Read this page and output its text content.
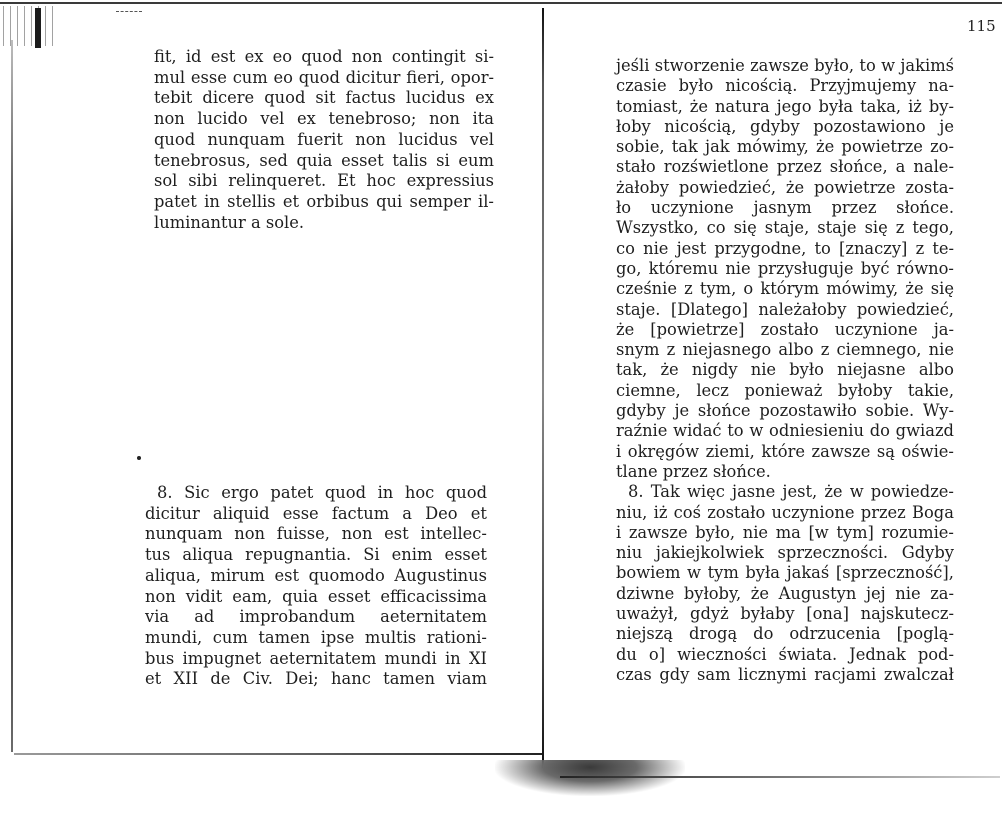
fit, id est ex eo quod non contingit si-
mul esse cum eo quod dicitur fieri, opor-
tebit dicere quod sit factus lucidus ex
non lucido vel ex tenebroso; non ita
quod nunquam fuerit non lucidus vel
tenebrosus, sed quia esset talis si eum
sol sibi relinqueret. Et hoc expressius
patet in stellis et orbibus qui semper il-
luminantur a sole.
8. Sic ergo patet quod in hoc quod
dicitur aliquid esse factum a Deo et
nunquam non fuisse, non est intellec-
tus aliqua repugnantia. Si enim esset
aliqua, mirum est quomodo Augustinus
non vidit eam, quia esset efficacissima
via ad improbandum aeternitatem
mundi, cum tamen ipse multis rationi-
bus impugnet aeternitatem mundi in XI
et XII de Civ. Dei; hanc tamen viam
115
jeśli stworzenie zawsze było, to w jakimś
czasie było nicością. Przyjmujemy na-
tomiast, że natura jego była taka, iż by-
łoby nicością, gdyby pozostawiono je
sobie, tak jak mówimy, że powietrze zo-
stało rozświetlone przez słońce, a nale-
żałoby powiedzieć, że powietrze zosta-
ło uczynione jasnym przez słońce.
Wszystko, co się staje, staje się z tego,
co nie jest przygodne, to [znaczy] z te-
go, któremu nie przysługuje być równo-
cześnie z tym, o którym mówimy, że się
staje. [Dlatego] należałoby powiedzieć,
że [powietrze] zostało uczynione ja-
snym z niejasnego albo z ciemnego, nie
tak, że nigdy nie było niejasne albo
ciemne, lecz ponieważ byłoby takie,
gdyby je słońce pozostawiło sobie. Wy-
raźnie widać to w odniesieniu do gwiazd
i okręgów ziemi, które zawsze są oświe-
tlane przez słońce.
8. Tak więc jasne jest, że w powiedze-
niu, iż coś zostało uczynione przez Boga
i zawsze było, nie ma [w tym] rozumie-
niu jakiejkolwiek sprzeczności. Gdyby
bowiem w tym była jakaś [sprzeczność],
dziwne byłoby, że Augustyn jej nie za-
uważył, gdyż byłaby [ona] najskutecz-
niejszą drogą do odrzucenia [poglą-
du o] wieczności świata. Jednak pod-
czas gdy sam licznymi racjami zwalczał
